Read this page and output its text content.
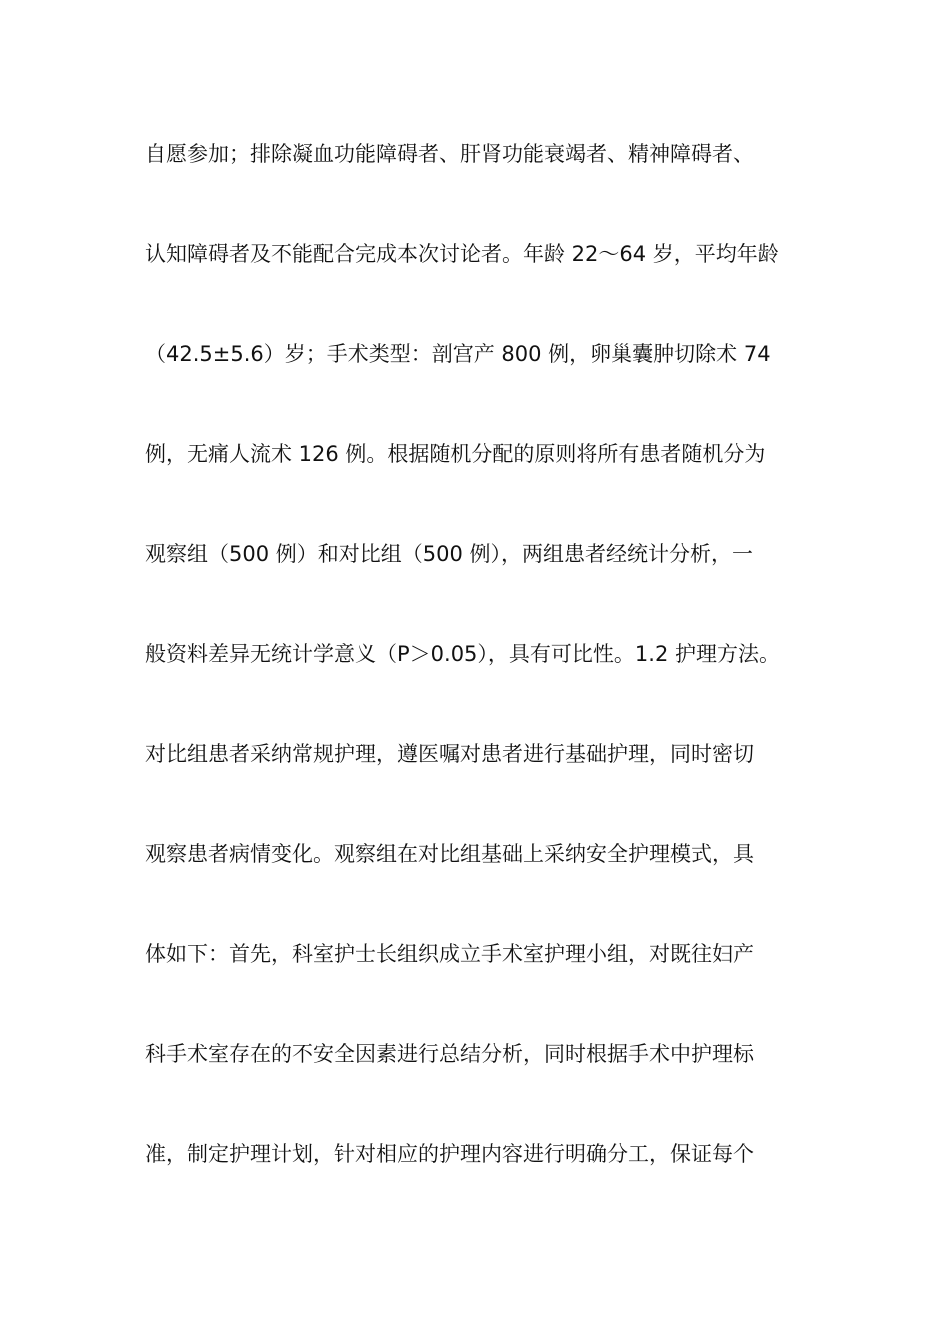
自愿参加；排除凝血功能障碍者、肝肾功能衰竭者、精神障碍者、
认知障碍者及不能配合完成本次讨论者。年龄 22～64 岁，平均年龄
（42.5±5.6）岁；手术类型：剖宫产 800 例，卵巢囊肿切除术 74
例，无痛人流术 126 例。根据随机分配的原则将所有患者随机分为
观察组（500 例）和对比组（500 例），两组患者经统计分析，一
般资料差异无统计学意义（P＞0.05），具有可比性。1.2 护理方法。
对比组患者采纳常规护理，遵医嘱对患者进行基础护理，同时密切
观察患者病情变化。观察组在对比组基础上采纳安全护理模式，具
体如下：首先，科室护士长组织成立手术室护理小组，对既往妇产
科手术室存在的不安全因素进行总结分析，同时根据手术中护理标
准，制定护理计划，针对相应的护理内容进行明确分工，保证每个
